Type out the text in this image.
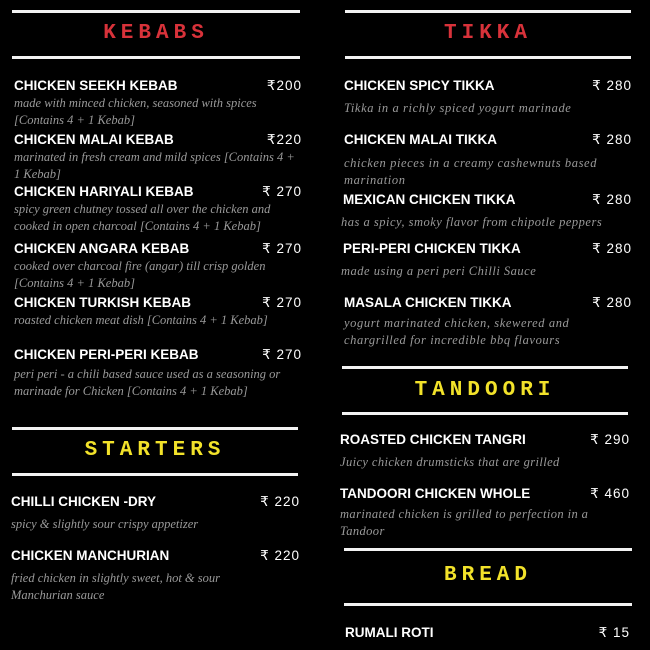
KEBABS
CHICKEN SEEKH KEBAB	₹200
made with minced chicken, seasoned with spices [Contains 4 + 1 Kebab]
CHICKEN MALAI KEBAB	₹220
marinated in fresh cream and mild spices [Contains 4 + 1 Kebab]
CHICKEN HARIYALI KEBAB	₹ 270
spicy green chutney tossed all over the chicken and cooked in open charcoal [Contains 4 + 1 Kebab]
CHICKEN ANGARA KEBAB	₹ 270
cooked over charcoal fire (angar) till crisp golden [Contains 4 + 1 Kebab]
CHICKEN TURKISH KEBAB	₹ 270
roasted chicken meat dish [Contains 4 + 1 Kebab]
CHICKEN PERI-PERI KEBAB	₹ 270
peri peri - a chili based sauce used as a seasoning or marinade for Chicken [Contains 4 + 1 Kebab]
STARTERS
CHILLI CHICKEN -DRY	₹ 220
spicy & slightly sour crispy appetizer
CHICKEN MANCHURIAN	₹ 220
fried chicken in slightly sweet, hot & sour Manchurian sauce
TIKKA
CHICKEN SPICY TIKKA	₹ 280
Tikka in a richly spiced yogurt marinade
CHICKEN MALAI TIKKA	₹ 280
chicken pieces in a creamy cashewnuts based marination
MEXICAN CHICKEN TIKKA	₹ 280
has a spicy, smoky flavor from chipotle peppers
PERI-PERI CHICKEN TIKKA	₹ 280
made using a peri peri Chilli Sauce
MASALA CHICKEN TIKKA	₹ 280
yogurt marinated chicken, skewered and chargrilled for incredible bbq flavours
TANDOORI
ROASTED CHICKEN TANGRI	₹ 290
Juicy chicken drumsticks that are grilled
TANDOORI CHICKEN WHOLE	₹ 460
marinated chicken is grilled to perfection in a Tandoor
BREAD
RUMALI ROTI	₹ 15
